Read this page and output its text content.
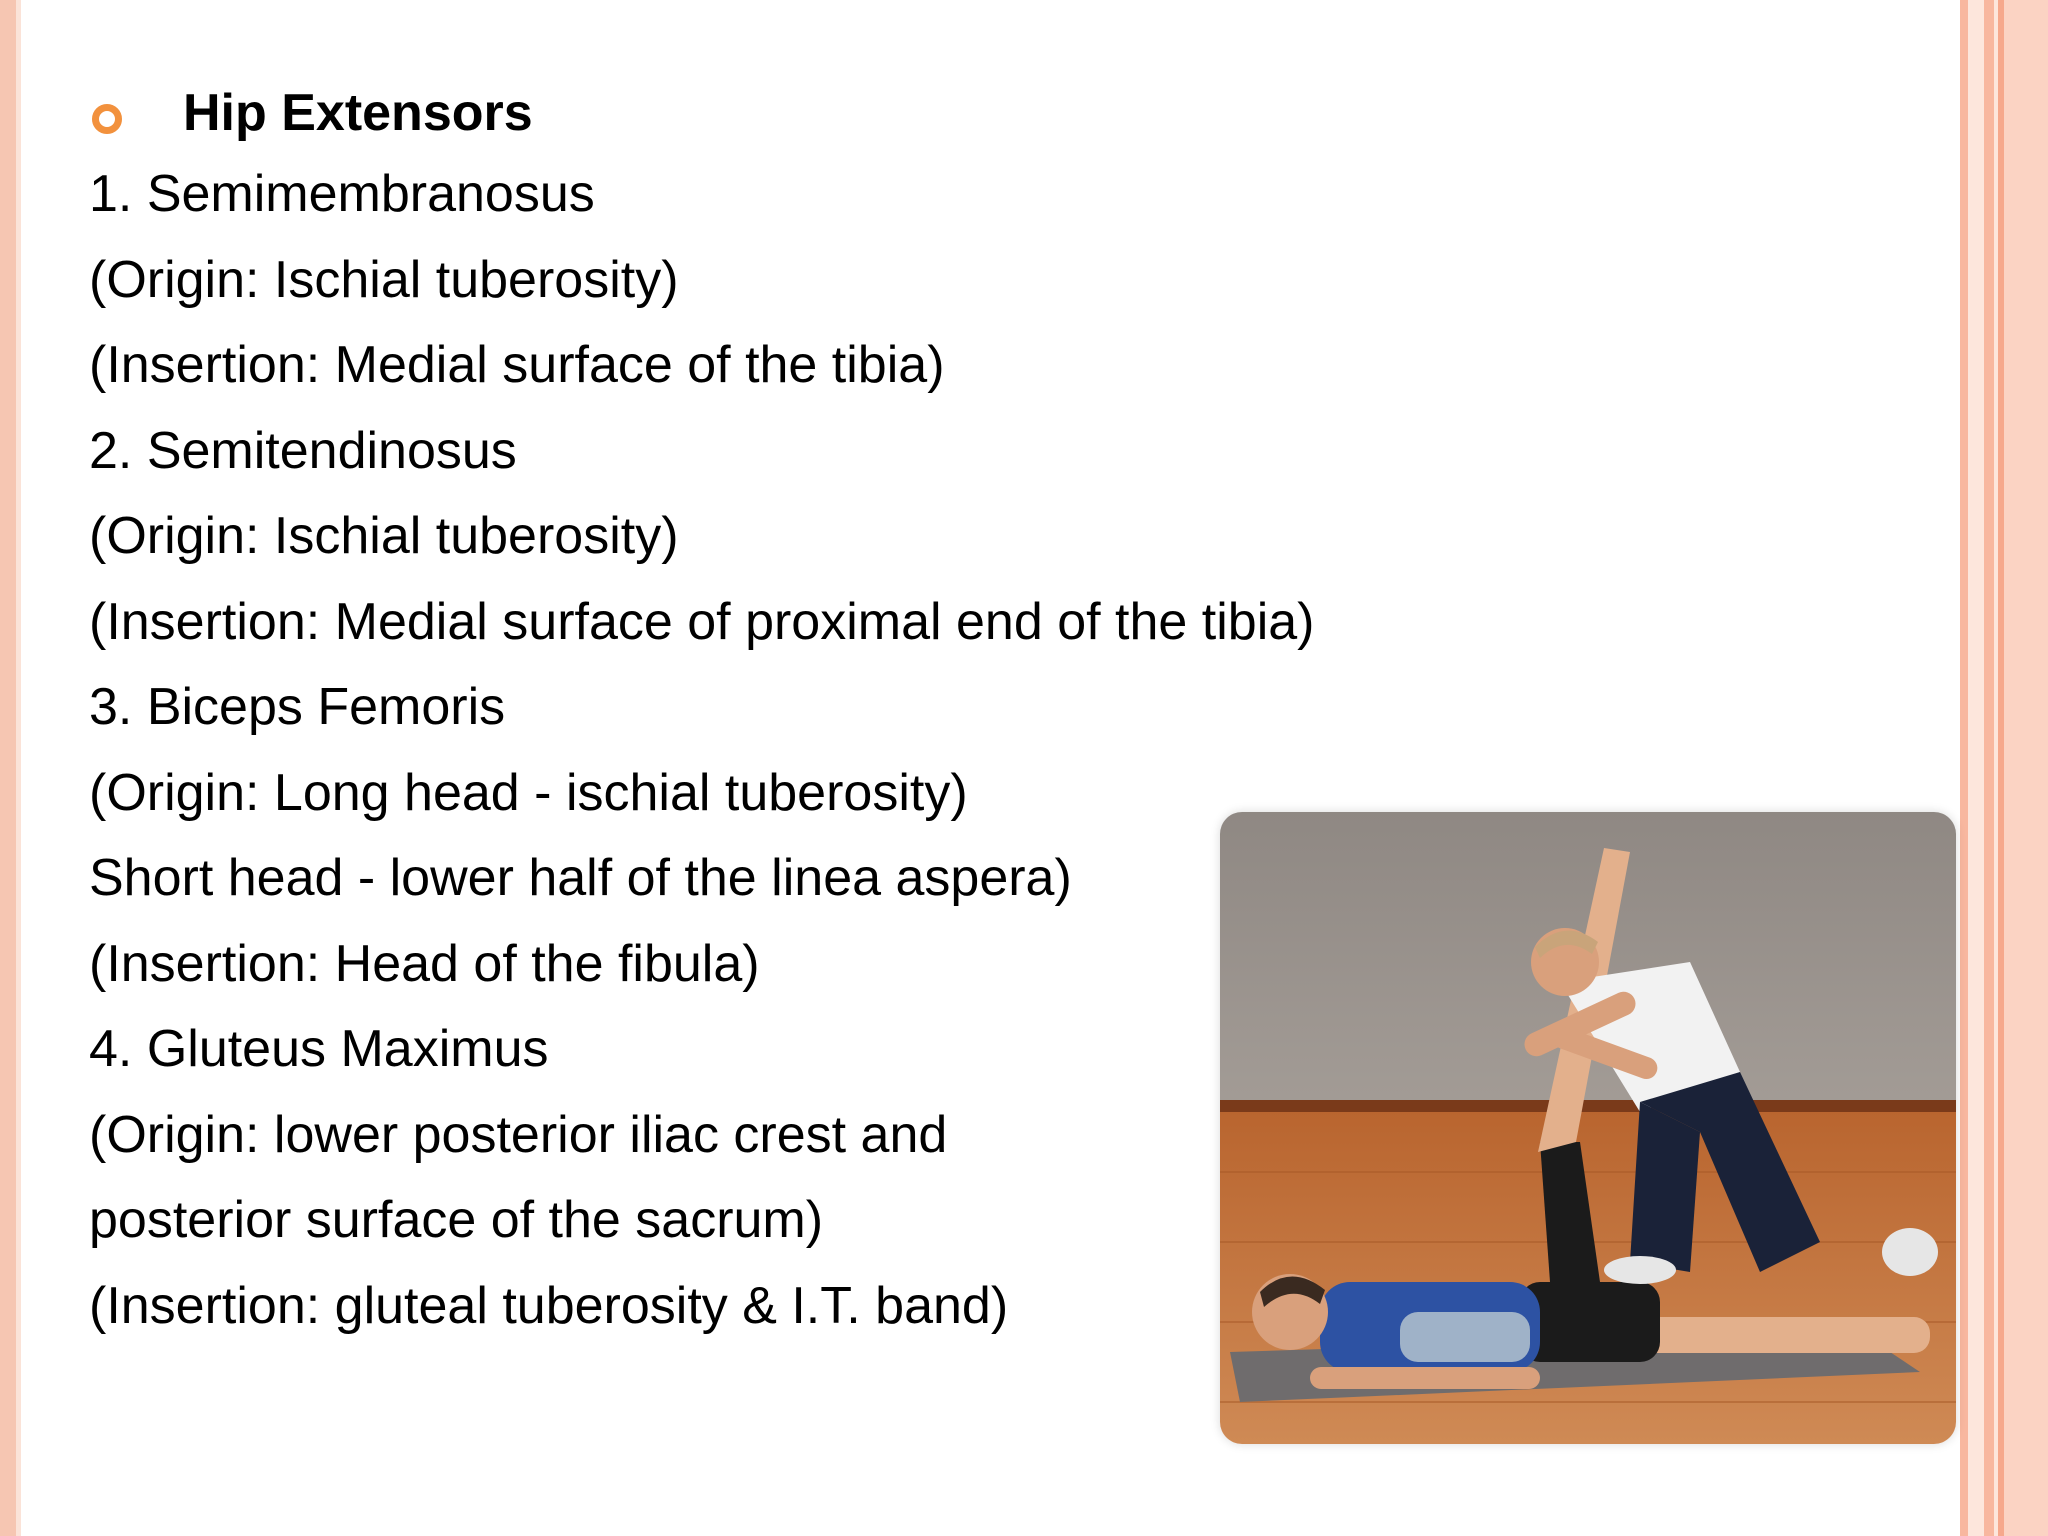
Hip Extensors
1. Semimembranosus
(Origin: Ischial tuberosity)
(Insertion: Medial surface of the tibia)
2. Semitendinosus
(Origin: Ischial tuberosity)
(Insertion: Medial surface of proximal end of the tibia)
3. Biceps Femoris
(Origin: Long head - ischial tuberosity)
Short head - lower half of the linea aspera)
(Insertion: Head of the fibula)
4. Gluteus Maximus
(Origin: lower posterior iliac crest and
posterior surface of the sacrum)
(Insertion: gluteal tuberosity & I.T. band)
